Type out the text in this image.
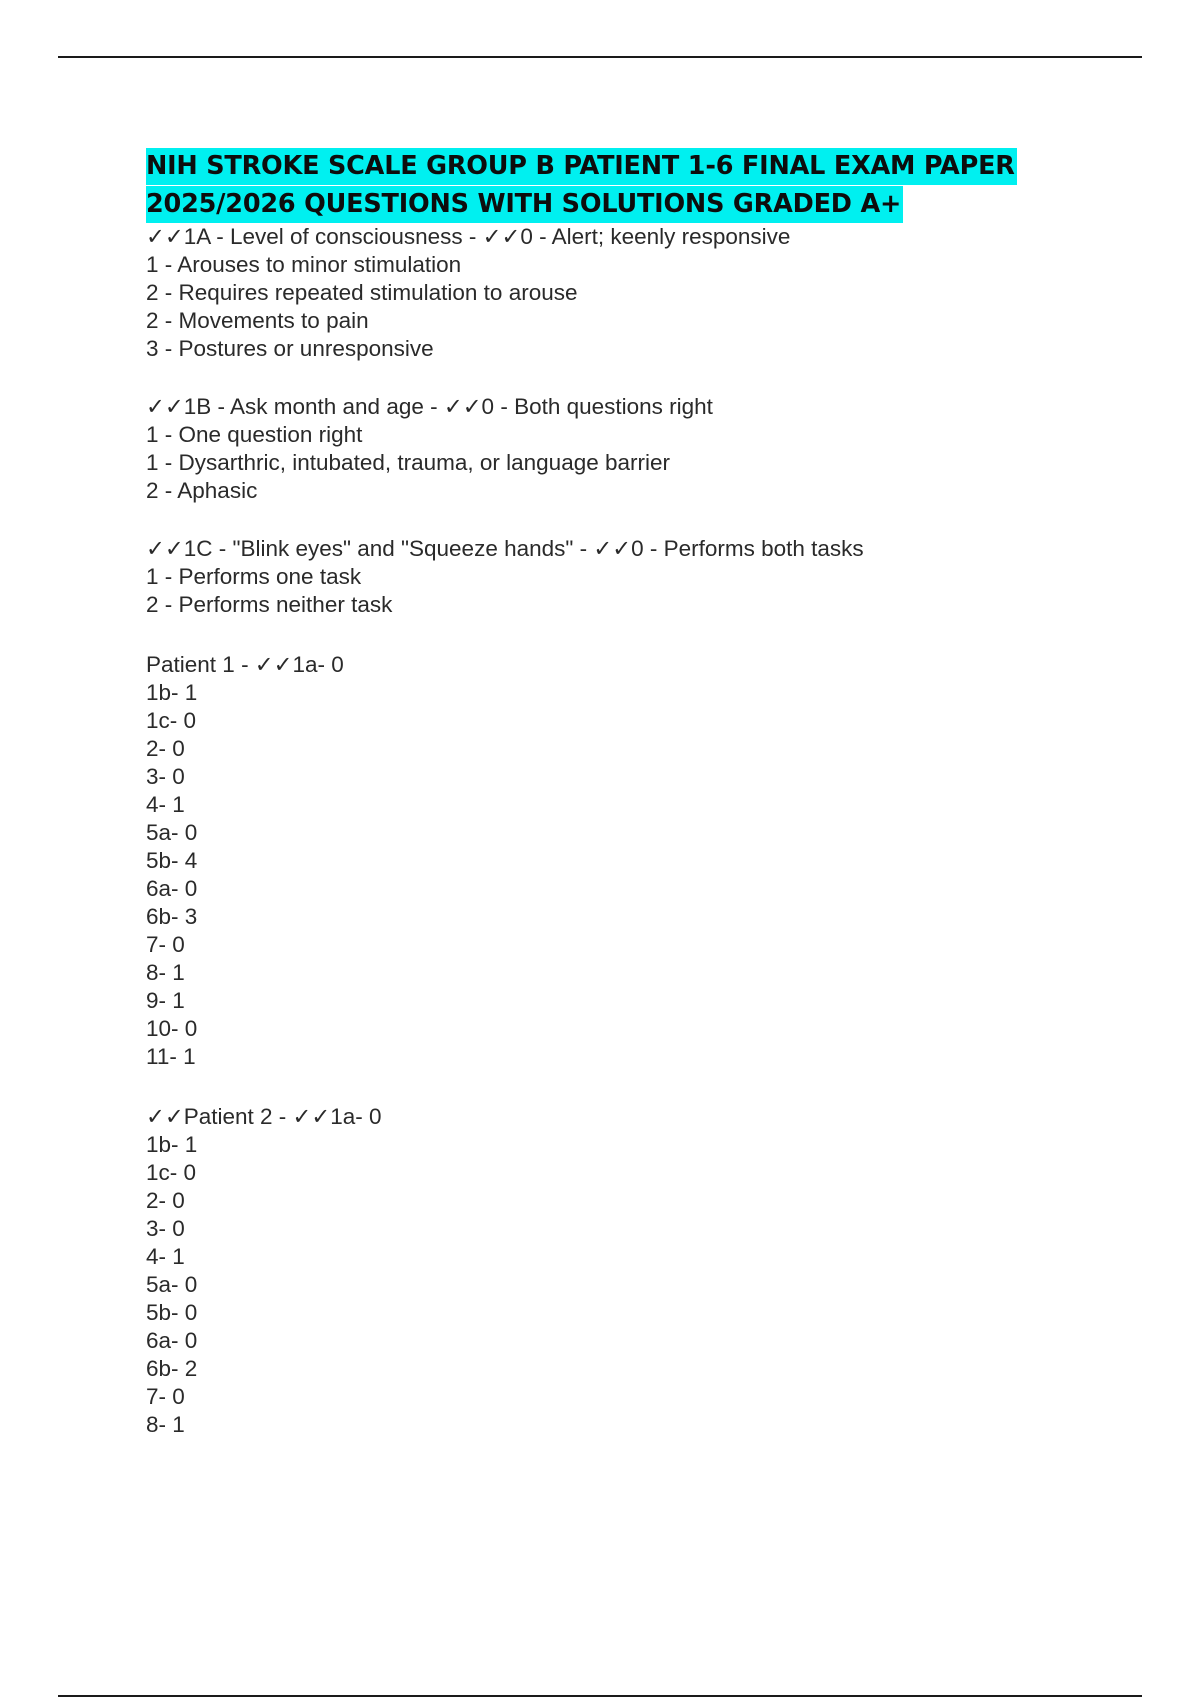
NIH STROKE SCALE GROUP B PATIENT 1-6 FINAL EXAM PAPER
2025/2026 QUESTIONS WITH SOLUTIONS GRADED A+

✓✓1A - Level of consciousness - ✓✓0 - Alert; keenly responsive

1 - Arouses to minor stimulation

2 - Requires repeated stimulation to arouse

2 - Movements to pain

3 - Postures or unresponsive

✓✓1B - Ask month and age - ✓✓0 - Both questions right

1 - One question right

1 - Dysarthric, intubated, trauma, or language barrier

2 - Aphasic

✓✓1C - "Blink eyes" and "Squeeze hands" - ✓✓0 - Performs both tasks

1 - Performs one task

2 - Performs neither task

Patient 1 - ✓✓1a- 0

1b- 1

1c- 0

2- 0

3- 0

4- 1

5a- 0

5b- 4

6a- 0

6b- 3

7- 0

8- 1

9- 1

10- 0

11- 1

✓✓Patient 2 - ✓✓1a- 0

1b- 1

1c- 0

2- 0

3- 0

4- 1

5a- 0

5b- 0

6a- 0

6b- 2

7- 0

8- 1
